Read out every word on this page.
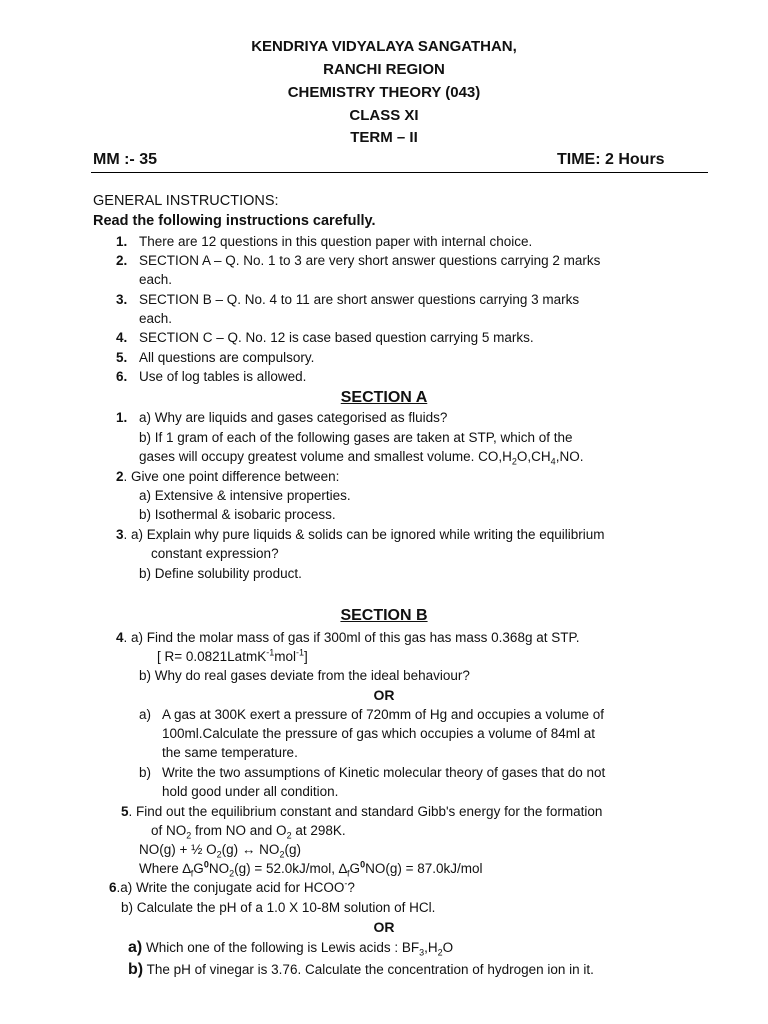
KENDRIYA VIDYALAYA SANGATHAN,
RANCHI REGION
CHEMISTRY THEORY (043)
CLASS XI
TERM – II
MM :- 35	TIME: 2 Hours
GENERAL INSTRUCTIONS:
Read the following instructions carefully.
1. There are 12 questions in this question paper with internal choice.
2. SECTION A – Q. No. 1 to 3 are very short answer questions carrying 2 marks
each.
3. SECTION B – Q. No. 4 to 11 are short answer questions carrying 3 marks
each.
4. SECTION C – Q. No. 12 is case based question carrying 5 marks.
5. All questions are compulsory.
6. Use of log tables is allowed.
SECTION A
1. a) Why are liquids and gases categorised as fluids?
b) If 1 gram of each of the following gases are taken at STP, which of the
gases will occupy greatest volume and smallest volume. $CO,H_2O,CH_4,NO$.
2. Give one point difference between:
a) Extensive & intensive properties.
b) Isothermal & isobaric process.
3. a) Explain why pure liquids & solids can be ignored while writing the equilibrium
constant expression?
b) Define solubility product.
SECTION B
4. a) Find the molar mass of gas if 300ml of this gas has mass 0.368g at STP.
[ R= 0.0821LatmK$^{-1}$mol$^{-1}$]
b) Why do real gases deviate from the ideal behaviour?
OR
a) A gas at 300K exert a pressure of 720mm of Hg and occupies a volume of
100ml.Calculate the pressure of gas which occupies a volume of 84ml at
the same temperature.
b) Write the two assumptions of Kinetic molecular theory of gases that do not
hold good under all condition.
5. Find out the equilibrium constant and standard Gibb's energy for the formation
of $NO_2$ from NO and $O_2$ at 298K.
NO(g) + ½ $O_2(g)$ ↔ $NO_2(g)$
Where $\Delta_fG^0NO_2(g) = 52.0kJ/mol$, $\Delta_fG^0NO(g) = 87.0kJ/mol$
6.a) Write the conjugate acid for HCOO-?
b) Calculate the pH of a 1.0 X 10-8M solution of HCl.
OR
a) Which one of the following is Lewis acids : $BF_3,H_2O$
b) The pH of vinegar is 3.76. Calculate the concentration of hydrogen ion in it.
